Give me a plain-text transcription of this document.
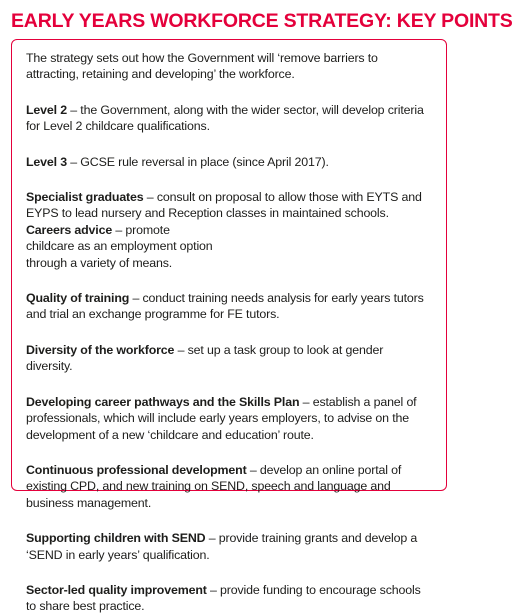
EARLY YEARS WORKFORCE STRATEGY: KEY POINTS

The strategy sets out how the Government will ‘remove barriers to attracting, retaining and developing’ the workforce.

Level 2 – the Government, along with the wider sector, will develop criteria for Level 2 childcare qualifications.

Level 3 – GCSE rule reversal in place (since April 2017).

Specialist graduates – consult on proposal to allow those with EYTS and EYPS to lead nursery and Reception classes in maintained schools.

Careers advice – promote childcare as an employment option through a variety of means.

Quality of training – conduct training needs analysis for early years tutors and trial an exchange programme for FE tutors.

Diversity of the workforce – set up a task group to look at gender diversity.

Developing career pathways and the Skills Plan – establish a panel of professionals, which will include early years employers, to advise on the development of a new ‘childcare and education’ route.

Continuous professional development – develop an online portal of existing CPD, and new training on SEND, speech and language and business management.

Supporting children with SEND – provide training grants and develop a ‘SEND in early years’ qualification.

Sector-led quality improvement – provide funding to encourage schools to share best practice.
